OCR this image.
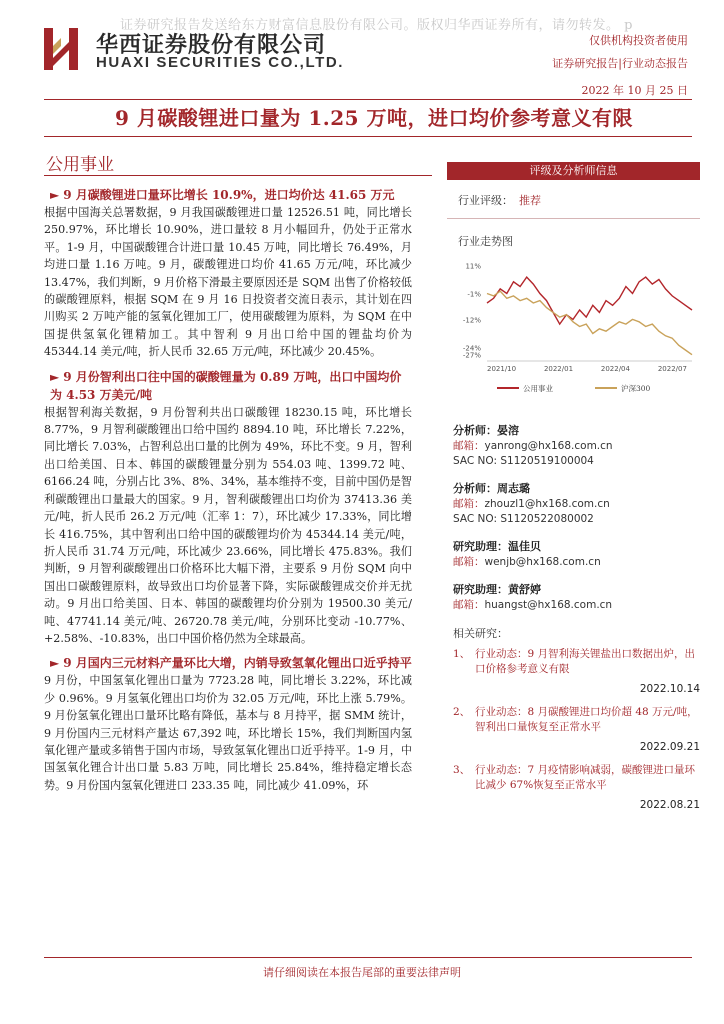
证券研究报告发送给东方财富信息股份有限公司。版权归华西证券所有，请勿转发。 p
华西证券股份有限公司
HUAXI SECURITIES CO.,LTD.
仅供机构投资者使用
证券研究报告|行业动态报告
2022 年 10 月 25 日
9 月碳酸锂进口量为 1.25 万吨，进口均价参考意义有限
公用事业
► 9 月碳酸锂进口量环比增长 10.9%，进口均价达 41.65 万元
根据中国海关总署数据，9 月我国碳酸锂进口量 12526.51 吨，同比增长 250.97%，环比增长 10.90%，进口量较 8 月小幅回升，仍处于正常水平。1-9 月，中国碳酸锂合计进口量 10.45 万吨，同比增长 76.49%，月均进口量 1.16 万吨。9 月，碳酸锂进口均价 41.65 万元/吨，环比减少 13.47%，我们判断，9 月价格下滑最主要原因还是 SQM 出售了价格较低的碳酸锂原料，根据 SQM 在 9 月 16 日投资者交流日表示，其计划在四川购买 2 万吨产能的氢氧化锂加工厂，使用碳酸锂为原料，为 SQM 在中国提供氢氧化锂精加工。其中智利 9 月出口给中国的锂盐均价为 45344.14 美元/吨，折人民币 32.65 万元/吨，环比减少 20.45%。
► 9 月份智利出口往中国的碳酸锂量为 0.89 万吨，出口中国均价为 4.53 万美元/吨
根据智利海关数据，9 月份智利共出口碳酸锂 18230.15 吨，环比增长 8.77%，9 月智利碳酸锂出口给中国约 8894.10 吨，环比增长 7.22%，同比增长 7.03%，占智利总出口量的比例为 49%，环比不变。9 月，智利出口给美国、日本、韩国的碳酸锂量分别为 554.03 吨、1399.72 吨、6166.24 吨，分别占比 3%、8%、34%，基本维持不变，目前中国仍是智利碳酸锂出口量最大的国家。9 月，智利碳酸锂出口均价为 37413.36 美元/吨，折人民币 26.2 万元/吨（汇率 1：7），环比减少 17.33%，同比增长 416.75%，其中智利出口给中国的碳酸锂均价为 45344.14 美元/吨，折人民币 31.74 万元/吨，环比减少 23.66%，同比增长 475.83%。我们判断，9 月智利碳酸锂出口价格环比大幅下滑，主要系 9 月份 SQM 向中国出口碳酸锂原料，故导致出口均价显著下降，实际碳酸锂成交价并无扰动。9 月出口给美国、日本、韩国的碳酸锂均价分别为 19500.30 美元/吨、47741.14 美元/吨、26720.78 美元/吨，分别环比变动 -10.77%、+2.58%、-10.83%，出口中国价格仍然为全球最高。
► 9 月国内三元材料产量环比大增，内销导致氢氧化锂出口近乎持平
9 月份，中国氢氧化锂出口量为 7723.28 吨，同比增长 3.22%，环比减少 0.96%。9 月氢氧化锂出口均价为 32.05 万元/吨，环比上涨 5.79%。9 月份氢氧化锂出口量环比略有降低，基本与 8 月持平，据 SMM 统计，9 月份国内三元材料产量达 67,392 吨，环比增长 15%，我们判断国内氢氧化锂产量或多销售于国内市场，导致氢氧化锂出口近乎持平。1-9 月，中国氢氧化锂合计出口量 5.83 万吨，同比增长 25.84%，维持稳定增长态势。9 月份国内氢氧化锂进口 233.35 吨，同比减少 41.09%，环
评级及分析师信息
行业评级： 推荐
行业走势图
11%
-1%
-12%
-24%
-27%
2021/10	2022/01	2022/04	2022/07
公用事业	沪深300
分析师：晏溶
邮箱：yanrong@hx168.com.cn
SAC NO: S1120519100004
分析师：周志璐
邮箱：zhouzl1@hx168.com.cn
SAC NO: S1120522080002
研究助理：温佳贝
邮箱：wenjb@hx168.com.cn
研究助理：黄舒婷
邮箱：huangst@hx168.com.cn
相关研究：
1、 行业动态：9 月智利海关锂盐出口数据出炉，出口价格参考意义有限
2022.10.14
2、 行业动态：8 月碳酸锂进口均价超 48 万元/吨，智利出口量恢复至正常水平
2022.09.21
3、 行业动态：7 月疫情影响减弱，碳酸锂进口量环比减少 67%恢复至正常水平
2022.08.21
请仔细阅读在本报告尾部的重要法律声明
